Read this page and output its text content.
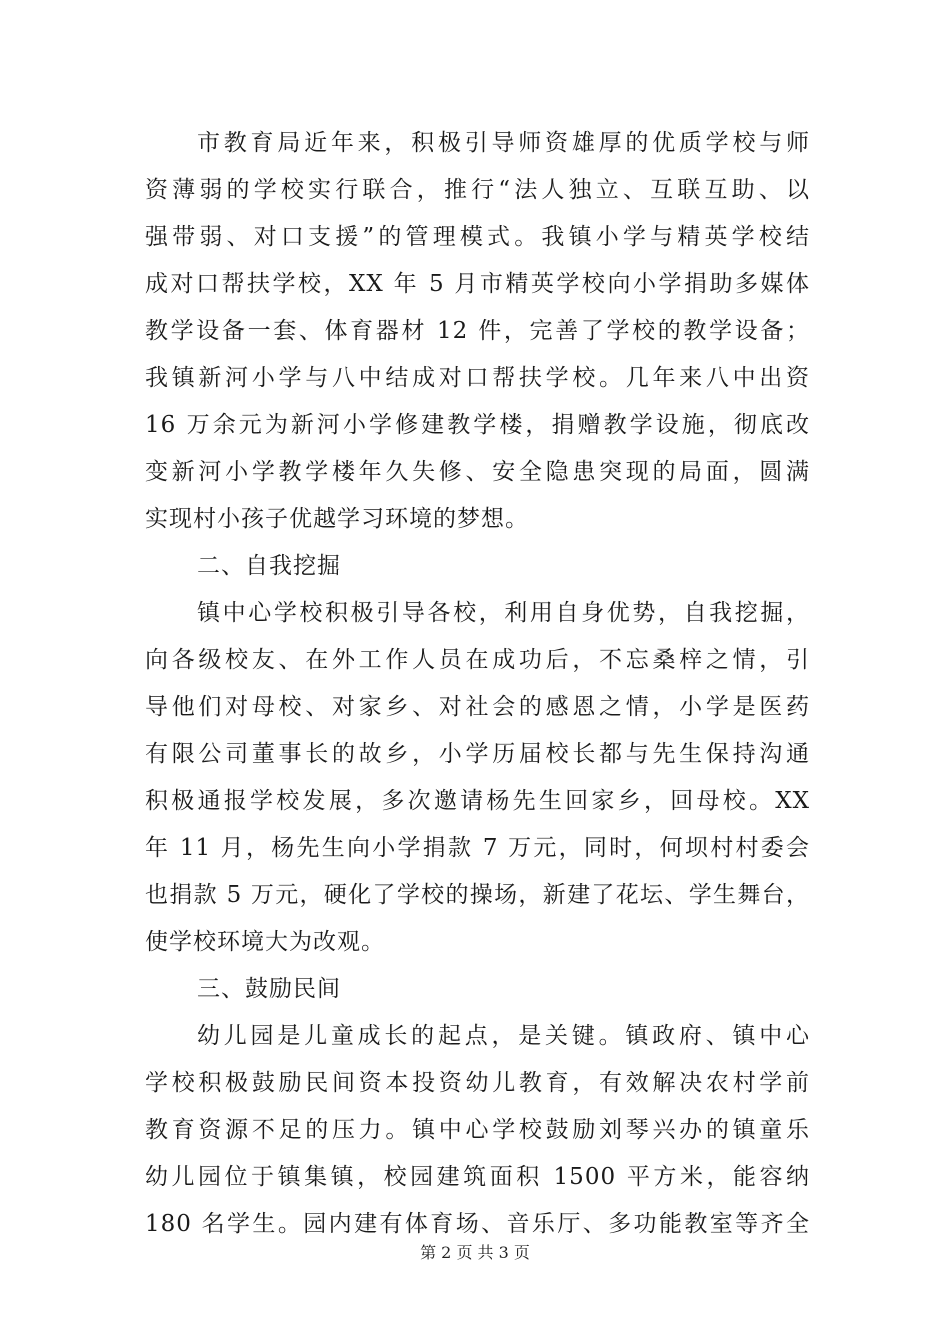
市教育局近年来，积极引导师资雄厚的优质学校与师
资薄弱的学校实行联合，推行“法人独立、互联互助、以
强带弱、对口支援”的管理模式。我镇小学与精英学校结
成对口帮扶学校，XX 年 5 月市精英学校向小学捐助多媒体
教学设备一套、体育器材 12 件，完善了学校的教学设备；
我镇新河小学与八中结成对口帮扶学校。几年来八中出资
16 万余元为新河小学修建教学楼，捐赠教学设施，彻底改
变新河小学教学楼年久失修、安全隐患突现的局面，圆满
实现村小孩子优越学习环境的梦想。
二、自我挖掘
镇中心学校积极引导各校，利用自身优势，自我挖掘，
向各级校友、在外工作人员在成功后，不忘桑梓之情，引
导他们对母校、对家乡、对社会的感恩之情，小学是医药
有限公司董事长的故乡，小学历届校长都与先生保持沟通
积极通报学校发展，多次邀请杨先生回家乡，回母校。XX
年 11 月，杨先生向小学捐款 7 万元，同时，何坝村村委会
也捐款 5 万元，硬化了学校的操场，新建了花坛、学生舞台，
使学校环境大为改观。
三、鼓励民间
幼儿园是儿童成长的起点，是关键。镇政府、镇中心
学校积极鼓励民间资本投资幼儿教育，有效解决农村学前
教育资源不足的压力。镇中心学校鼓励刘琴兴办的镇童乐
幼儿园位于镇集镇，校园建筑面积 1500 平方米，能容纳
180 名学生。园内建有体育场、音乐厅、多功能教室等齐全
第 2 页 共 3 页
